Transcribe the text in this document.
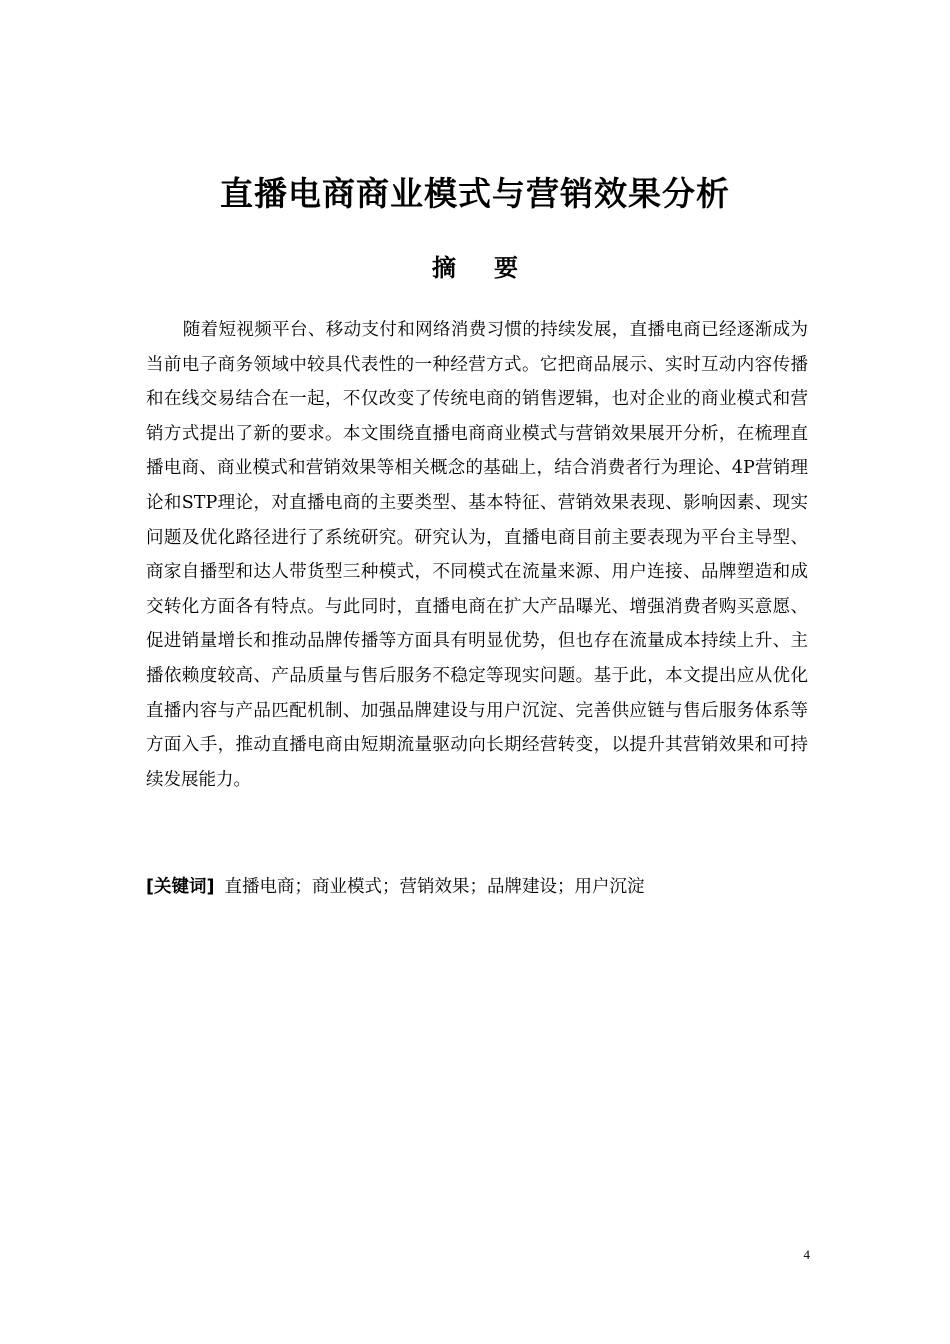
直播电商商业模式与营销效果分析
摘 要

随着短视频平台、移动支付和网络消费习惯的持续发展，直播电商已经逐渐成为当前电子商务领域中较具代表性的一种经营方式。它把商品展示、实时互动内容传播和在线交易结合在一起，不仅改变了传统电商的销售逻辑，也对企业的商业模式和营销方式提出了新的要求。本文围绕直播电商商业模式与营销效果展开分析，在梳理直播电商、商业模式和营销效果等相关概念的基础上，结合消费者行为理论、4P营销理论和STP理论，对直播电商的主要类型、基本特征、营销效果表现、影响因素、现实问题及优化路径进行了系统研究。研究认为，直播电商目前主要表现为平台主导型、商家自播型和达人带货型三种模式，不同模式在流量来源、用户连接、品牌塑造和成交转化方面各有特点。与此同时，直播电商在扩大产品曝光、增强消费者购买意愿、促进销量增长和推动品牌传播等方面具有明显优势，但也存在流量成本持续上升、主播依赖度较高、产品质量与售后服务不稳定等现实问题。基于此，本文提出应从优化直播内容与产品匹配机制、加强品牌建设与用户沉淀、完善供应链与售后服务体系等方面入手，推动直播电商由短期流量驱动向长期经营转变，以提升其营销效果和可持续发展能力。

[关键词] 直播电商；商业模式；营销效果；品牌建设；用户沉淀
4
